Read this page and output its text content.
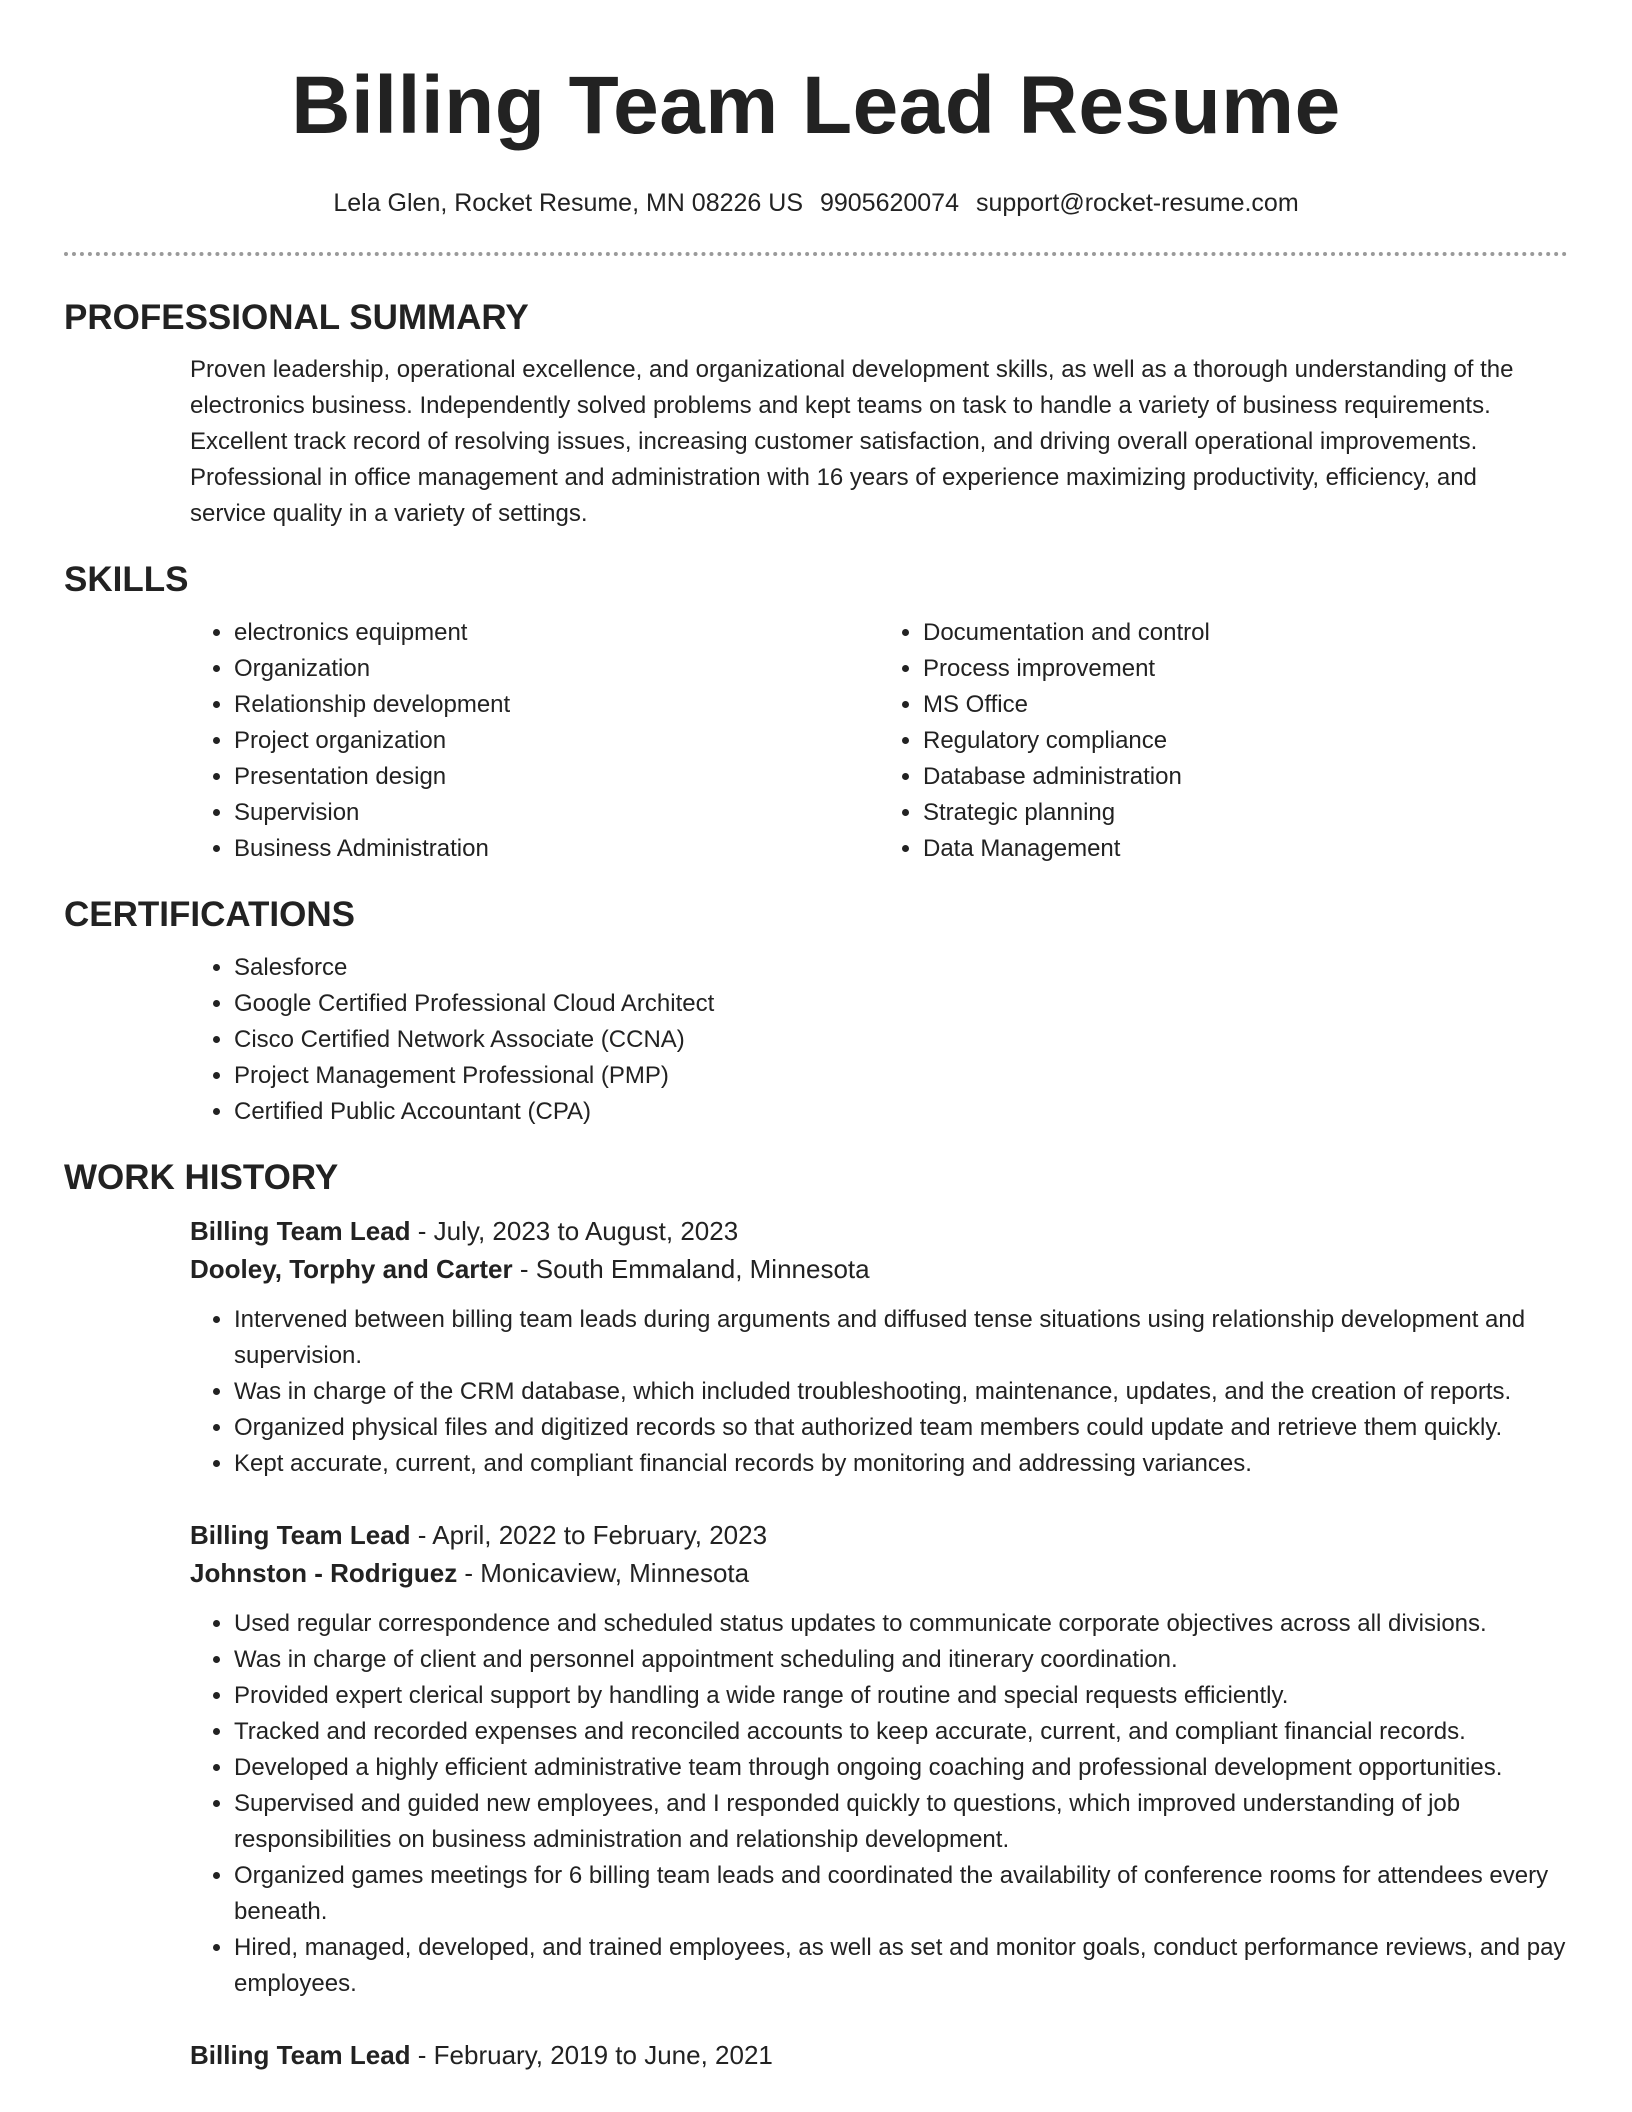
Billing Team Lead Resume
Lela Glen, Rocket Resume, MN 08226 US 9905620074 support@rocket-resume.com
PROFESSIONAL SUMMARY
Proven leadership, operational excellence, and organizational development skills, as well as a thorough understanding of the
electronics business. Independently solved problems and kept teams on task to handle a variety of business requirements.
Excellent track record of resolving issues, increasing customer satisfaction, and driving overall operational improvements.
Professional in office management and administration with 16 years of experience maximizing productivity, efficiency, and
service quality in a variety of settings.
SKILLS
• electronics equipment
• Organization
• Relationship development
• Project organization
• Presentation design
• Supervision
• Business Administration
• Documentation and control
• Process improvement
• MS Office
• Regulatory compliance
• Database administration
• Strategic planning
• Data Management
CERTIFICATIONS
• Salesforce
• Google Certified Professional Cloud Architect
• Cisco Certified Network Associate (CCNA)
• Project Management Professional (PMP)
• Certified Public Accountant (CPA)
WORK HISTORY
Billing Team Lead - July, 2023 to August, 2023
Dooley, Torphy and Carter - South Emmaland, Minnesota
• Intervened between billing team leads during arguments and diffused tense situations using relationship development and supervision.
• Was in charge of the CRM database, which included troubleshooting, maintenance, updates, and the creation of reports.
• Organized physical files and digitized records so that authorized team members could update and retrieve them quickly.
• Kept accurate, current, and compliant financial records by monitoring and addressing variances.
Billing Team Lead - April, 2022 to February, 2023
Johnston - Rodriguez - Monicaview, Minnesota
• Used regular correspondence and scheduled status updates to communicate corporate objectives across all divisions.
• Was in charge of client and personnel appointment scheduling and itinerary coordination.
• Provided expert clerical support by handling a wide range of routine and special requests efficiently.
• Tracked and recorded expenses and reconciled accounts to keep accurate, current, and compliant financial records.
• Developed a highly efficient administrative team through ongoing coaching and professional development opportunities.
• Supervised and guided new employees, and I responded quickly to questions, which improved understanding of job responsibilities on business administration and relationship development.
• Organized games meetings for 6 billing team leads and coordinated the availability of conference rooms for attendees every beneath.
• Hired, managed, developed, and trained employees, as well as set and monitor goals, conduct performance reviews, and pay employees.
Billing Team Lead - February, 2019 to June, 2021
